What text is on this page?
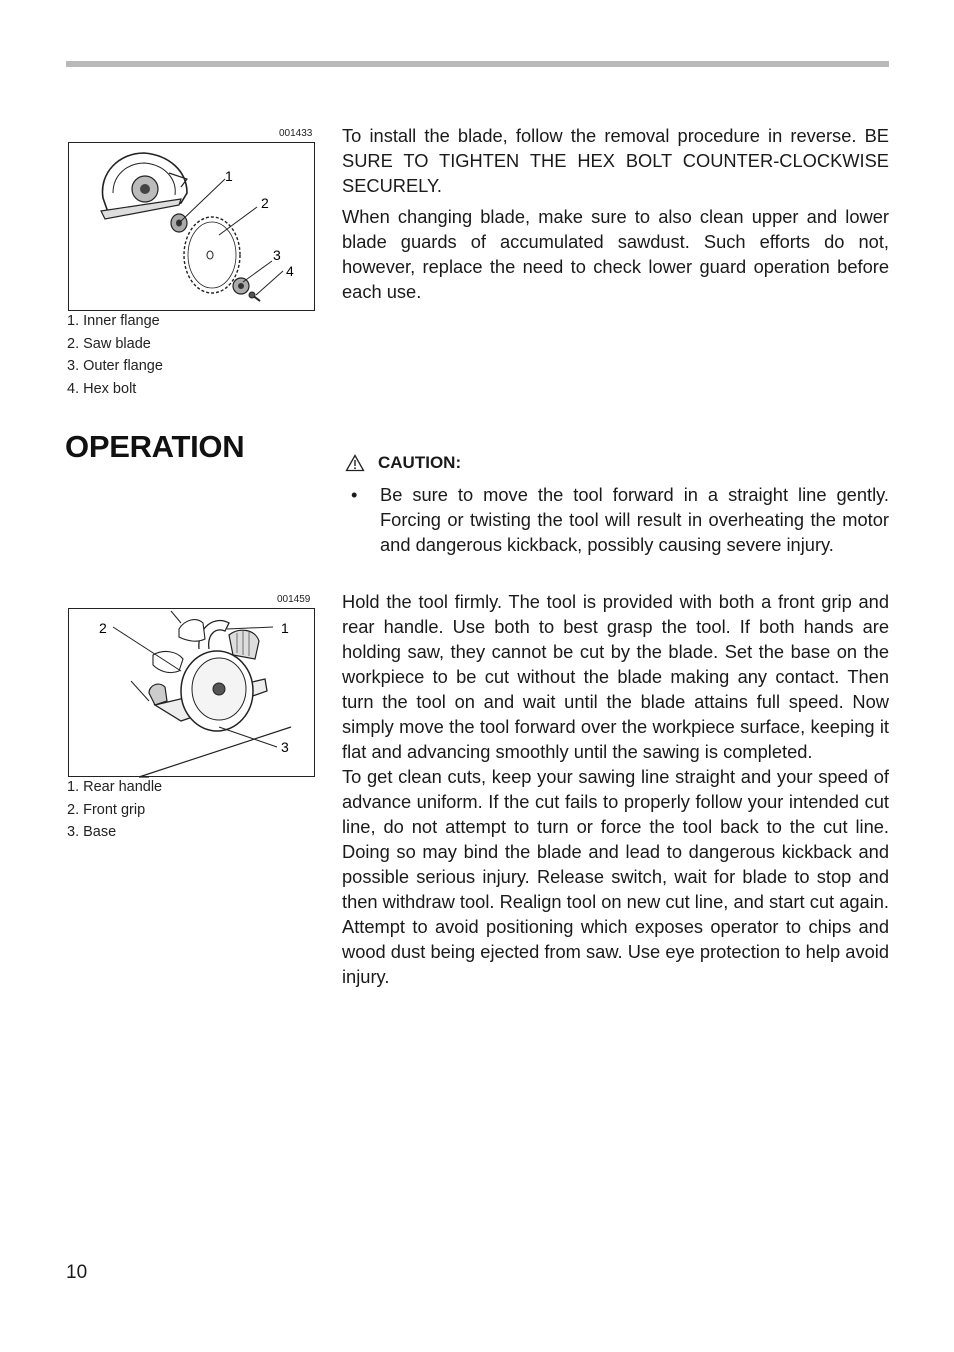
001433
1
2
3
4
1. Inner flange
2. Saw blade
3. Outer flange
4. Hex bolt

To install the blade, follow the removal procedure in reverse. BE SURE TO TIGHTEN THE HEX BOLT COUNTER-CLOCKWISE SECURELY.

When changing blade, make sure to also clean upper and lower blade guards of accumulated sawdust. Such efforts do not, however, replace the need to check lower guard operation before each use.

OPERATION	CAUTION:
• Be sure to move the tool forward in a straight line gently. Forcing or twisting the tool will result in overheating the motor and dangerous kickback, possibly causing severe injury.
001459
2	1
3
1. Rear handle
2. Front grip
3. Base

Hold the tool firmly. The tool is provided with both a front grip and rear handle. Use both to best grasp the tool. If both hands are holding saw, they cannot be cut by the blade. Set the base on the workpiece to be cut without the blade making any contact. Then turn the tool on and wait until the blade attains full speed. Now simply move the tool forward over the workpiece surface, keeping it flat and advancing smoothly until the sawing is completed.

To get clean cuts, keep your sawing line straight and your speed of advance uniform. If the cut fails to properly follow your intended cut line, do not attempt to turn or force the tool back to the cut line. Doing so may bind the blade and lead to dangerous kickback and possible serious injury. Release switch, wait for blade to stop and then withdraw tool. Realign tool on new cut line, and start cut again. Attempt to avoid positioning which exposes operator to chips and wood dust being ejected from saw. Use eye protection to help avoid injury.

10
